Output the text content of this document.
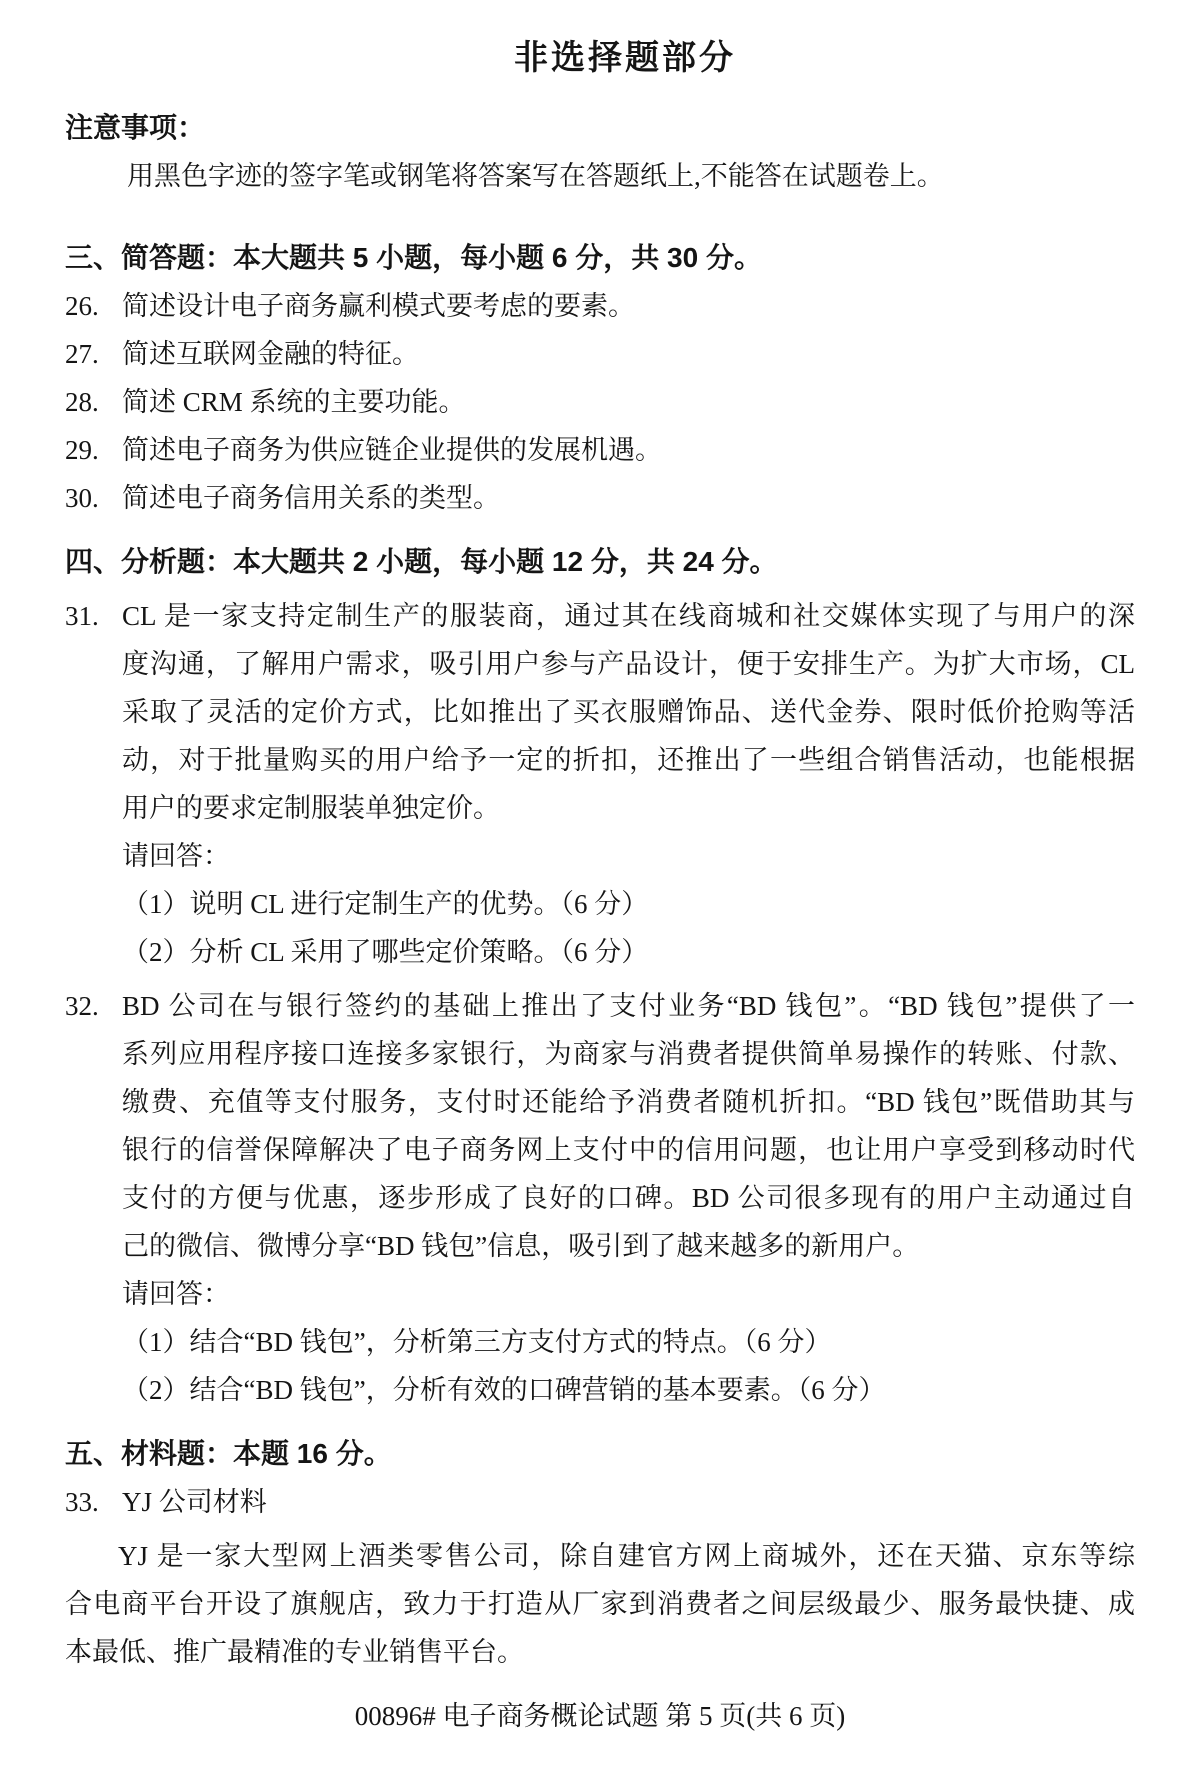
非选择题部分
注意事项：
用黑色字迹的签字笔或钢笔将答案写在答题纸上,不能答在试题卷上。
三、简答题：本大题共 5 小题，每小题 6 分，共 30 分。
26. 简述设计电子商务赢利模式要考虑的要素。
27. 简述互联网金融的特征。
28. 简述 CRM 系统的主要功能。
29. 简述电子商务为供应链企业提供的发展机遇。
30. 简述电子商务信用关系的类型。
四、分析题：本大题共 2 小题，每小题 12 分，共 24 分。
31. CL 是一家支持定制生产的服装商，通过其在线商城和社交媒体实现了与用户的深
度沟通，了解用户需求，吸引用户参与产品设计，便于安排生产。为扩大市场，CL
采取了灵活的定价方式，比如推出了买衣服赠饰品、送代金券、限时低价抢购等活
动，对于批量购买的用户给予一定的折扣，还推出了一些组合销售活动，也能根据
用户的要求定制服装单独定价。
请回答：
（1）说明 CL 进行定制生产的优势。（6 分）
（2）分析 CL 采用了哪些定价策略。（6 分）
32. BD 公司在与银行签约的基础上推出了支付业务“BD 钱包”。“BD 钱包”提供了一
系列应用程序接口连接多家银行，为商家与消费者提供简单易操作的转账、付款、
缴费、充值等支付服务，支付时还能给予消费者随机折扣。“BD 钱包”既借助其与
银行的信誉保障解决了电子商务网上支付中的信用问题，也让用户享受到移动时代
支付的方便与优惠，逐步形成了良好的口碑。BD 公司很多现有的用户主动通过自
己的微信、微博分享“BD 钱包”信息，吸引到了越来越多的新用户。
请回答：
（1）结合“BD 钱包”，分析第三方支付方式的特点。（6 分）
（2）结合“BD 钱包”，分析有效的口碑营销的基本要素。（6 分）
五、材料题：本题 16 分。
33. YJ 公司材料
YJ 是一家大型网上酒类零售公司，除自建官方网上商城外，还在天猫、京东等综
合电商平台开设了旗舰店，致力于打造从厂家到消费者之间层级最少、服务最快捷、成
本最低、推广最精准的专业销售平台。
00896# 电子商务概论试题 第 5 页(共 6 页)
